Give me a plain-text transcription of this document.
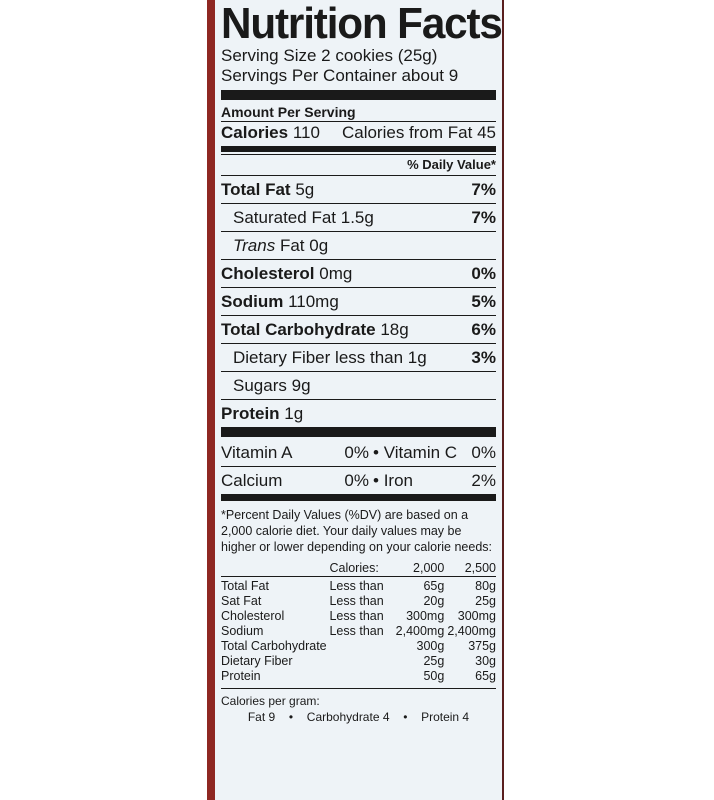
Nutrition Facts
Serving Size 2 cookies (25g)
Servings Per Container about 9
Amount Per Serving
Calories 110 Calories from Fat 45
% Daily Value*
Total Fat 5g	7%
Saturated Fat 1.5g	7%
Trans Fat 0g
Cholesterol 0mg	0%
Sodium 110mg	5%
Total Carbohydrate 18g	6%
Dietary Fiber less than 1g	3%
Sugars 9g
Protein 1g
Vitamin A	0% • Vitamin C 0%
Calcium	0% • Iron	2%
*Percent Daily Values (%DV) are based on a 2,000 calorie diet. Your daily values may be higher or lower depending on your calorie needs:
	Calories:	2,000	2,500

Total Fat	Less than	65g	80g
Sat Fat	Less than	20g	25g
Cholesterol	Less than	300mg	300mg
Sodium	Less than	2,400mg	2,400mg
Total Carbohydrate		300g	375g
Dietary Fiber		25g	30g
Protein		50g	65g
Calories per gram:
Fat 9 • Carbohydrate 4 • Protein 4
